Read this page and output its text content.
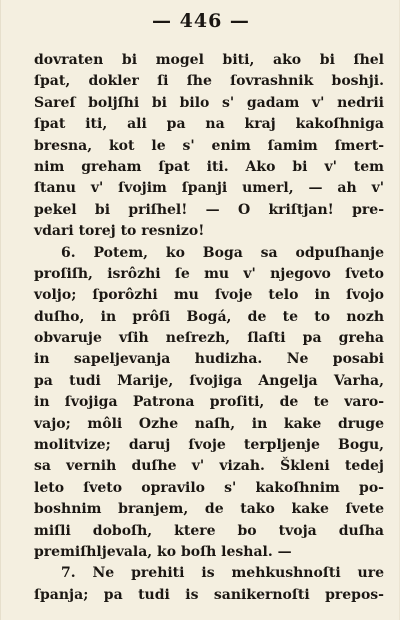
— 446 —
dovraten bi mogel biti, ako bi ſhel
ſpat, dokler ſi ſhe ſovrashnik boshji.
Sareſ boljſhi bi bilo s' gadam v' nedrii
ſpat iti, ali pa na kraj kakoſhniga
bresna, kot le s' enim ſamim ſmert-
nim greham ſpat iti. Ako bi v' tem
ſtanu v' ſvojim ſpanji umerl, — ah v'
pekel bi priſhel! — O kriſtjan! pre-
vdari torej to resnizo!
6. Potem, ko Boga sa odpuſhanje
proſiſh, isrôzhi ſe mu v' njegovo ſveto
voljo; ſporôzhi mu ſvoje telo in ſvojo
duſho, in prôſi Bogá, de te to nozh
obvaruje vſih neſrezh, ſlaſti pa greha
in sapeljevanja hudizha. Ne posabi
pa tudi Marije, ſvojiga Angelja Varha,
in ſvojiga Patrona proſiti, de te varo-
vajo; môli Ozhe naſh, in kake druge
molitvize; daruj ſvoje terpljenje Bogu,
sa vernih duſhe v' vizah. Škleni tedej
leto ſveto opravilo s' kakoſhnim po-
boshnim branjem, de tako kake ſvete
miſli doboſh, ktere bo tvoja duſha
premiſhljevala, ko boſh leshal. —
7. Ne prehiti is mehkushnoſti ure
ſpanja; pa tudi is sanikernoſti prepos-
